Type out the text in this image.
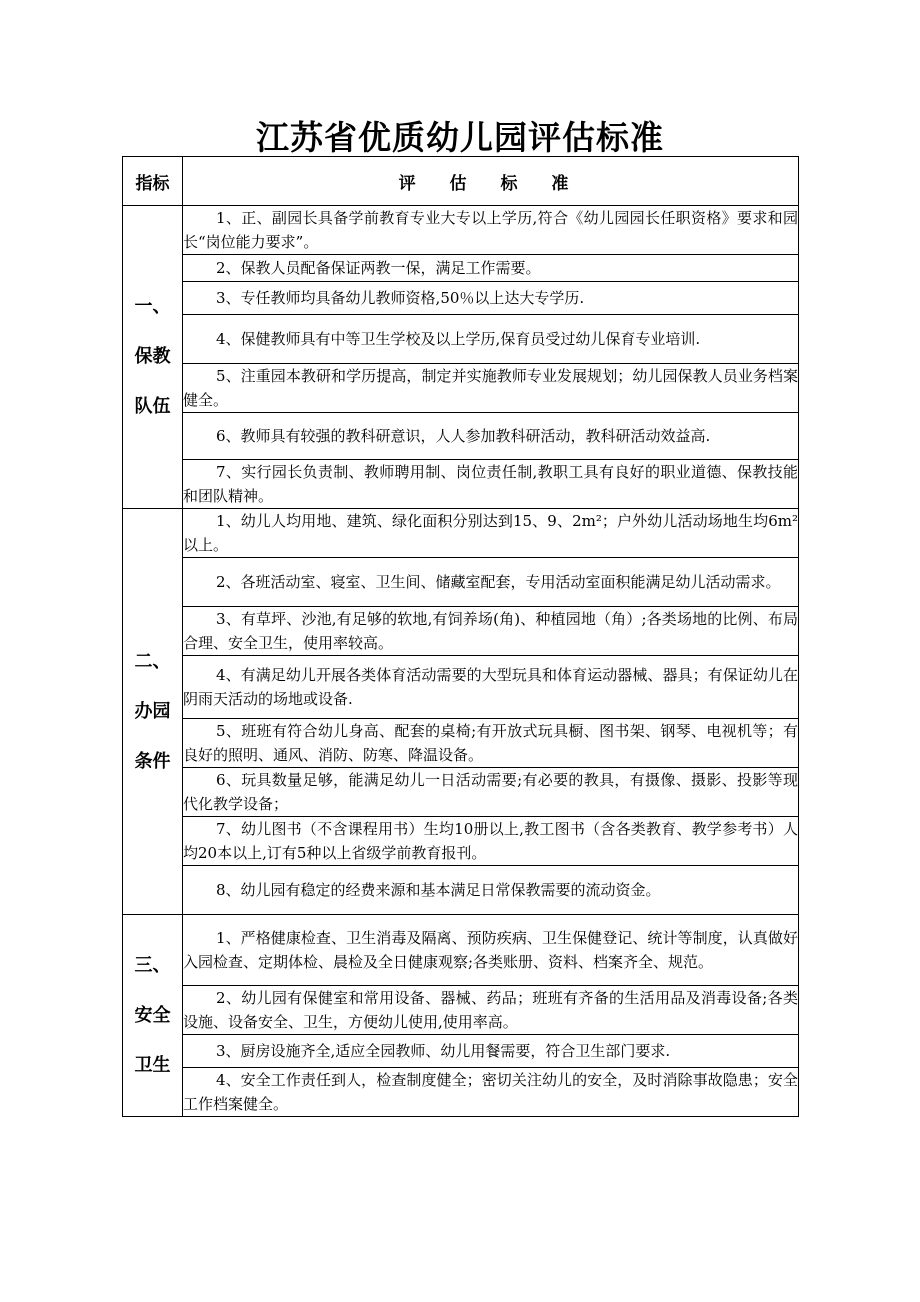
江苏省优质幼儿园评估标准
指标	评 估 标 准

一、
保教
队伍	1、正、副园长具备学前教育专业大专以上学历,符合《幼儿园园长任职资格》要求和园长“岗位能力要求”。
	2、保教人员配备保证两教一保，满足工作需要。
	3、专任教师均具备幼儿教师资格,50％以上达大专学历.
	4、保健教师具有中等卫生学校及以上学历,保育员受过幼儿保育专业培训.
	5、注重园本教研和学历提高，制定并实施教师专业发展规划；幼儿园保教人员业务档案健全。
	6、教师具有较强的教科研意识，人人参加教科研活动，教科研活动效益高.
	7、实行园长负责制、教师聘用制、岗位责任制,教职工具有良好的职业道德、保教技能和团队精神。

二、
办园
条件	1、幼儿人均用地、建筑、绿化面积分别达到15、9、2m²；户外幼儿活动场地生均6m²以上。
	2、各班活动室、寝室、卫生间、储藏室配套，专用活动室面积能满足幼儿活动需求。
	3、有草坪、沙池,有足够的软地,有饲养场(角)、种植园地（角）;各类场地的比例、布局合理、安全卫生，使用率较高。
	4、有满足幼儿开展各类体育活动需要的大型玩具和体育运动器械、器具；有保证幼儿在阴雨天活动的场地或设备.
	5、班班有符合幼儿身高、配套的桌椅;有开放式玩具橱、图书架、钢琴、电视机等；有良好的照明、通风、消防、防寒、降温设备。
	6、玩具数量足够，能满足幼儿一日活动需要;有必要的教具，有摄像、摄影、投影等现代化教学设备；
	7、幼儿图书（不含课程用书）生均10册以上,教工图书（含各类教育、教学参考书）人均20本以上,订有5种以上省级学前教育报刊。
	8、幼儿园有稳定的经费来源和基本满足日常保教需要的流动资金。

三、
安全
卫生	1、严格健康检查、卫生消毒及隔离、预防疾病、卫生保健登记、统计等制度，认真做好入园检查、定期体检、晨检及全日健康观察;各类账册、资料、档案齐全、规范。
	2、幼儿园有保健室和常用设备、器械、药品；班班有齐备的生活用品及消毒设备;各类设施、设备安全、卫生，方便幼儿使用,使用率高。
	3、厨房设施齐全,适应全园教师、幼儿用餐需要，符合卫生部门要求.
	4、安全工作责任到人，检查制度健全；密切关注幼儿的安全，及时消除事故隐患；安全工作档案健全。
